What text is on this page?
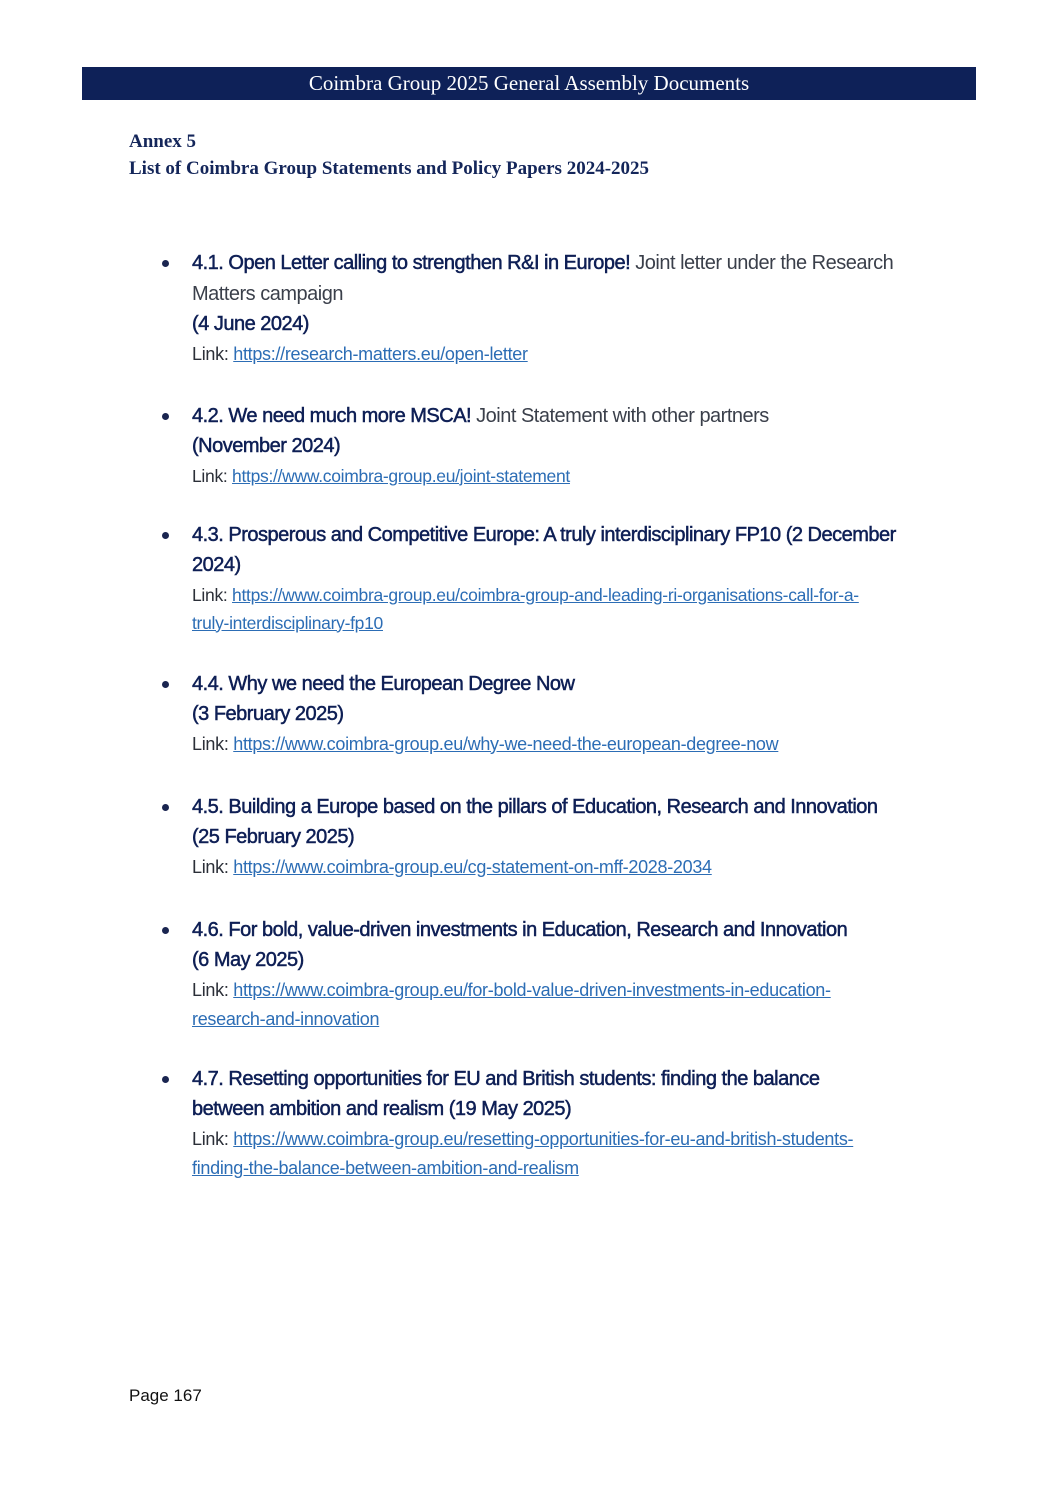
Coimbra Group 2025 General Assembly Documents
Annex 5
List of Coimbra Group Statements and Policy Papers 2024-2025
4.1. Open Letter calling to strengthen R&I in Europe! Joint letter under the Research
Matters campaign
(4 June 2024)
Link: https://research-matters.eu/open-letter
4.2. We need much more MSCA! Joint Statement with other partners
(November 2024)
Link: https://www.coimbra-group.eu/joint-statement
4.3. Prosperous and Competitive Europe: A truly interdisciplinary FP10 (2 December
2024)
Link: https://www.coimbra-group.eu/coimbra-group-and-leading-ri-organisations-call-for-a-
truly-interdisciplinary-fp10
4.4. Why we need the European Degree Now
(3 February 2025)
Link: https://www.coimbra-group.eu/why-we-need-the-european-degree-now
4.5. Building a Europe based on the pillars of Education, Research and Innovation
(25 February 2025)
Link: https://www.coimbra-group.eu/cg-statement-on-mff-2028-2034
4.6. For bold, value-driven investments in Education, Research and Innovation
(6 May 2025)
Link: https://www.coimbra-group.eu/for-bold-value-driven-investments-in-education-
research-and-innovation
4.7. Resetting opportunities for EU and British students: finding the balance
between ambition and realism (19 May 2025)
Link: https://www.coimbra-group.eu/resetting-opportunities-for-eu-and-british-students-
finding-the-balance-between-ambition-and-realism
Page 167
